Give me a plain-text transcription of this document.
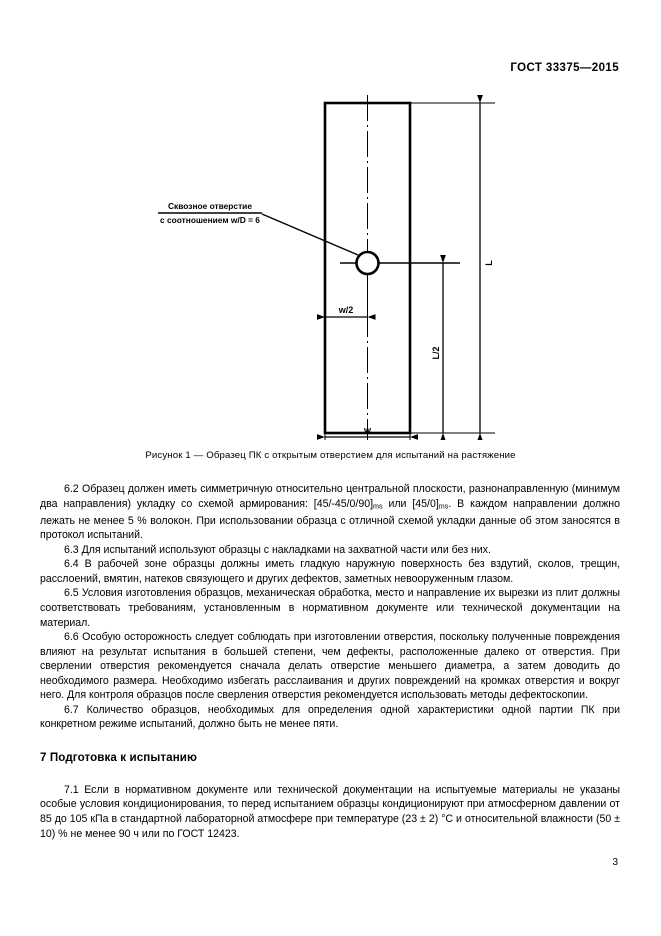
ГОСТ 33375—2015
Сквозное отверстие
с соотношением w/D = 6
w/2
w
L/2
L
Рисунок 1 — Образец ПК с открытым отверстием для испытаний на растяжение

6.2 Образец должен иметь симметричную относительно центральной плоскости, разнонаправленную (минимум два направления) укладку со схемой армирования: $[45/-45/0/90]_{ms}$ или $[45/0]_{ms}$. В каждом направлении должно лежать не менее 5 % волокон. При использовании образца с отличной схемой укладки данные об этом заносятся в протокол испытаний.

6.3 Для испытаний используют образцы с накладками на захватной части или без них.

6.4 В рабочей зоне образцы должны иметь гладкую наружную поверхность без вздутий, сколов, трещин, расслоений, вмятин, натеков связующего и других дефектов, заметных невооруженным глазом.

6.5 Условия изготовления образцов, механическая обработка, место и направление их вырезки из плит должны соответствовать требованиям, установленным в нормативном документе или технической документации на материал.

6.6 Особую осторожность следует соблюдать при изготовлении отверстия, поскольку полученные повреждения влияют на результат испытания в большей степени, чем дефекты, расположенные далеко от отверстия. При сверлении отверстия рекомендуется сначала делать отверстие меньшего диаметра, а затем доводить до необходимого размера. Необходимо избегать расслаивания и других повреждений на кромках отверстия и вокруг него. Для контроля образцов после сверления отверстия рекомендуется использовать методы дефектоскопии.

6.7 Количество образцов, необходимых для определения одной характеристики одной партии ПК при конкретном режиме испытаний, должно быть не менее пяти.

7 Подготовка к испытанию

7.1 Если в нормативном документе или технической документации на испытуемые материалы не указаны особые условия кондиционирования, то перед испытанием образцы кондиционируют при атмосферном давлении от 85 до 105 кПа в стандартной лабораторной атмосфере при температуре (23 ± 2) °С и относительной влажности (50 ± 10) % не менее 90 ч или по ГОСТ 12423.

3
